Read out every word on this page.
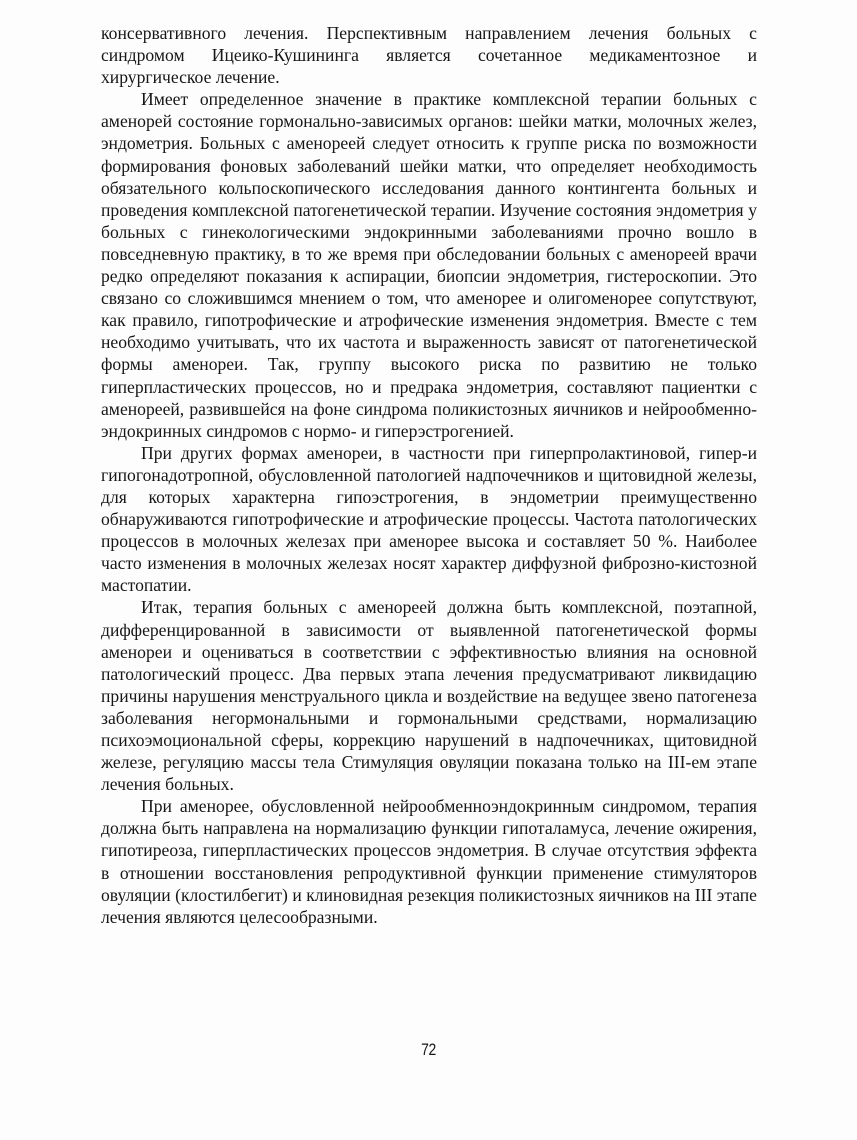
консервативного лечения. Перспективным направлением лечения больных с синдромом Ицеико-Кушининга является сочетанное медикаментозное и хирургическое лечение.

Имеет определенное значение в практике комплексной терапии больных с аменорей состояние гормонально-зависимых органов: шейки матки, молочных желез, эндометрия. Больных с аменореей следует относить к группе риска по возможности формирования фоновых заболеваний шейки матки, что определяет необходимость обязательного кольпоскопического исследования данного контингента больных и проведения комплексной патогенетической терапии. Изучение состояния эндометрия у больных с гинекологическими эндокринными заболеваниями прочно вошло в повседневную практику, в то же время при обследовании больных с аменореей врачи редко определяют показания к аспирации, биопсии эндометрия, гистероскопии. Это связано со сложившимся мнением о том, что аменорее и олигоменорее сопутствуют, как правило, гипотрофические и атрофические изменения эндометрия. Вместе с тем необходимо учитывать, что их частота и выраженность зависят от патогенетической формы аменореи. Так, группу высокого риска по развитию не только гиперпластических процессов, но и предрака эндометрия, составляют пациентки с аменореей, развившейся на фоне синдрома поликистозных яичников и нейрообменно-эндокринных синдромов с нормо- и гиперэстрогенией.

При других формах аменореи, в частности при гиперпролактиновой, гипер-и гипогонадотропной, обусловленной патологией надпочечников и щитовидной железы, для которых характерна гипоэстрогения, в эндометрии преимущественно обнаруживаются гипотрофические и атрофические процессы. Частота патологических процессов в молочных железах при аменорее высока и составляет 50 %. Наиболее часто изменения в молочных железах носят характер диффузной фиброзно-кистозной мастопатии.

Итак, терапия больных с аменореей должна быть комплексной, поэтапной, дифференцированной в зависимости от выявленной патогенетической формы аменореи и оцениваться в соответствии с эффективностью влияния на основной патологический процесс. Два первых этапа лечения предусматривают ликвидацию причины нарушения менструального цикла и воздействие на ведущее звено патогенеза заболевания негормональными и гормональными средствами, нормализацию психоэмоциональной сферы, коррекцию нарушений в надпочечниках, щитовидной железе, регуляцию массы тела Стимуляция овуляции показана только на III-ем этапе лечения больных.

При аменорее, обусловленной нейрообменноэндокринным синдромом, терапия должна быть направлена на нормализацию функции гипоталамуса, лечение ожирения, гипотиреоза, гиперпластических процессов эндометрия. В случае отсутствия эффекта в отношении восстановления репродуктивной функции применение стимуляторов овуляции (клостилбегит) и клиновидная резекция поликистозных яичников на III этапе лечения являются целесообразными.

72
